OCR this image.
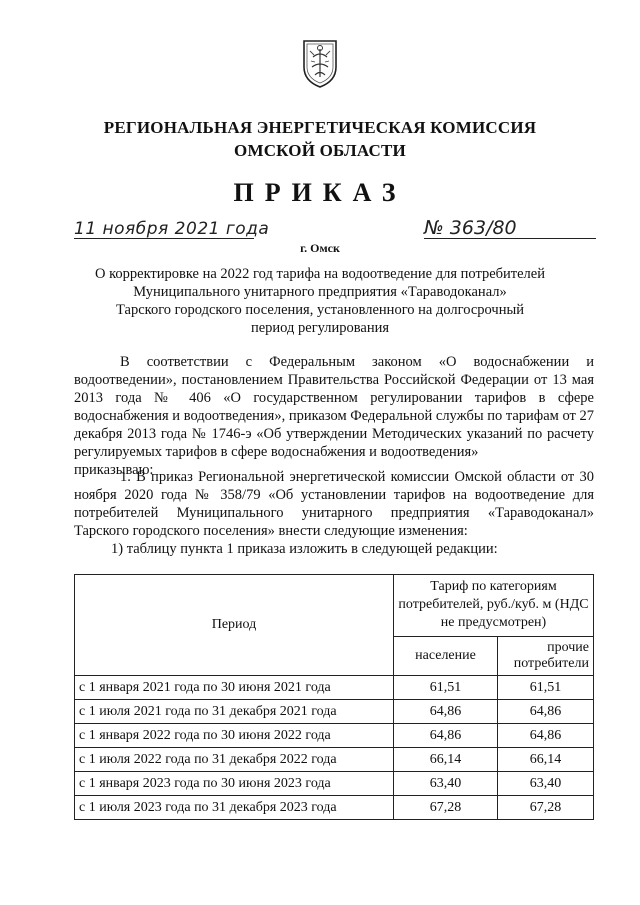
РЕГИОНАЛЬНАЯ ЭНЕРГЕТИЧЕСКАЯ КОМИССИЯ
ОМСКОЙ ОБЛАСТИ
ПРИКАЗ
11 ноября 2021 года	№ 363/80
г. Омск
О корректировке на 2022 год тарифа на водоотведение для потребителей
Муниципального унитарного предприятия «Тараводоканал»
Тарского городского поселения, установленного на долгосрочный
период регулирования
В соответствии с Федеральным законом «О водоснабжении и водоотведении», постановлением Правительства Российской Федерации от 13 мая 2013 года № 406 «О государственном регулировании тарифов в сфере водоснабжения и водоотведения», приказом Федеральной службы по тарифам от 27 декабря 2013 года № 1746-э «Об утверждении Методических указаний по расчету регулируемых тарифов в сфере водоснабжения и водоотведения»
приказываю:
1. В приказ Региональной энергетической комиссии Омской области от 30 ноября 2020 года № 358/79 «Об установлении тарифов на водоотведение для потребителей Муниципального унитарного предприятия «Тараводоканал» Тарского городского поселения» внести следующие изменения:
1) таблицу пункта 1 приказа изложить в следующей редакции:
Период	Тариф по категориям потребителей, руб./куб. м (НДС не предусмотрен)	
	население	прочие потребители
с 1 января 2021 года по 30 июня 2021 года	61,51	61,51
с 1 июля 2021 года по 31 декабря 2021 года	64,86	64,86
с 1 января 2022 года по 30 июня 2022 года	64,86	64,86
с 1 июля 2022 года по 31 декабря 2022 года	66,14	66,14
с 1 января 2023 года по 30 июня 2023 года	63,40	63,40
с 1 июля 2023 года по 31 декабря 2023 года	67,28	67,28
